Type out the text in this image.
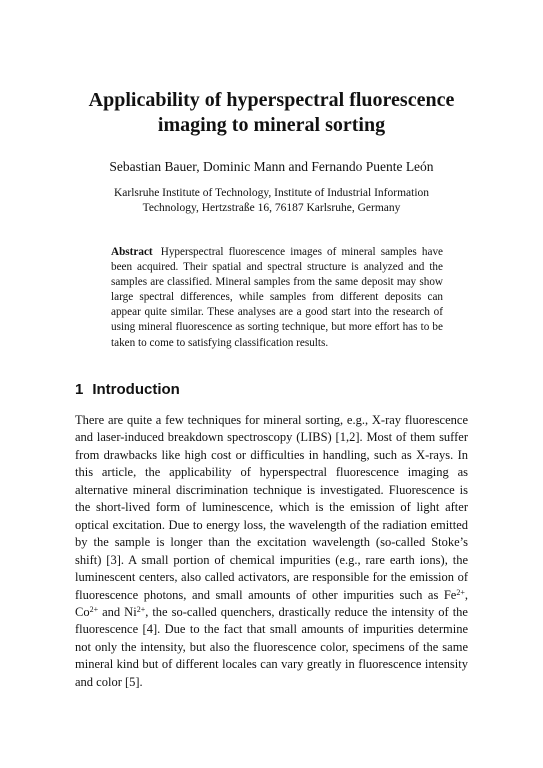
Applicability of hyperspectral fluorescence imaging to mineral sorting
Sebastian Bauer, Dominic Mann and Fernando Puente León
Karlsruhe Institute of Technology, Institute of Industrial Information Technology, Hertzstraße 16, 76187 Karlsruhe, Germany
Abstract Hyperspectral fluorescence images of mineral samples have been acquired. Their spatial and spectral structure is analyzed and the samples are classified. Mineral samples from the same deposit may show large spectral differences, while samples from different deposits can appear quite similar. These analyses are a good start into the research of using mineral fluorescence as sorting technique, but more effort has to be taken to come to satisfying classification results.
1 Introduction
There are quite a few techniques for mineral sorting, e.g., X-ray fluorescence and laser-induced breakdown spectroscopy (LIBS) [1,2]. Most of them suffer from drawbacks like high cost or difficulties in handling, such as X-rays. In this article, the applicability of hyperspectral fluorescence imaging as alternative mineral discrimination technique is investigated. Fluorescence is the short-lived form of luminescence, which is the emission of light after optical excitation. Due to energy loss, the wavelength of the radiation emitted by the sample is longer than the excitation wavelength (so-called Stoke’s shift) [3]. A small portion of chemical impurities (e.g., rare earth ions), the luminescent centers, also called activators, are responsible for the emission of fluorescence photons, and small amounts of other impurities such as $Fe^{2+}$, $Co^{2+}$ and $Ni^{2+}$, the so-called quenchers, drastically reduce the intensity of the fluorescence [4]. Due to the fact that small amounts of impurities determine not only the intensity, but also the fluorescence color, specimens of the same mineral kind but of different locales can vary greatly in fluorescence intensity and color [5].
